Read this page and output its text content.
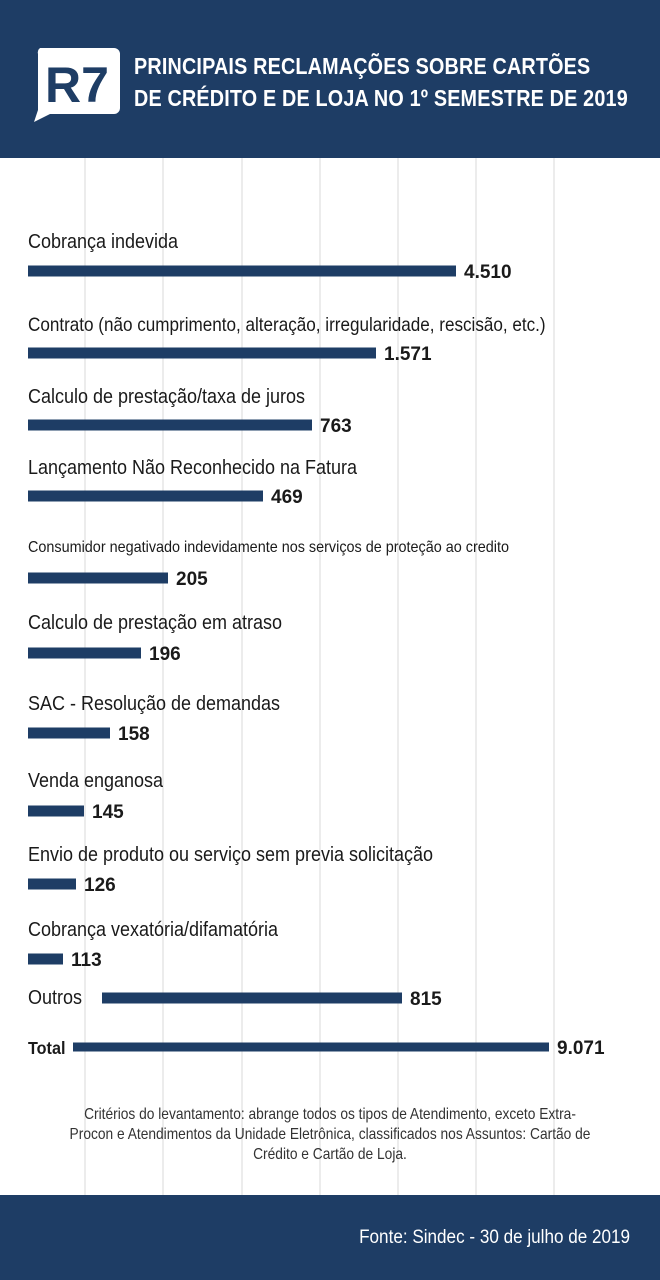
R7 PRINCIPAIS RECLAMAÇÕES SOBRE CARTÕES
DE CRÉDITO E DE LOJA NO 1º SEMESTRE DE 2019
Cobrança indevida
4.510
Contrato (não cumprimento, alteração, irregularidade, rescisão, etc.)
1.571
Calculo de prestação/taxa de juros
763
Lançamento Não Reconhecido na Fatura
469
Consumidor negativado indevidamente nos serviços de proteção ao credito
205
Calculo de prestação em atraso
196
SAC - Resolução de demandas
158
Venda enganosa
145
Envio de produto ou serviço sem previa solicitação
126
Cobrança vexatória/difamatória
113
Outros	815
Total	9.071
Critérios do levantamento: abrange todos os tipos de Atendimento, exceto Extra-Procon e Atendimentos da Unidade Eletrônica, classificados nos Assuntos: Cartão de Crédito e Cartão de Loja.
Fonte: Sindec - 30 de julho de 2019
